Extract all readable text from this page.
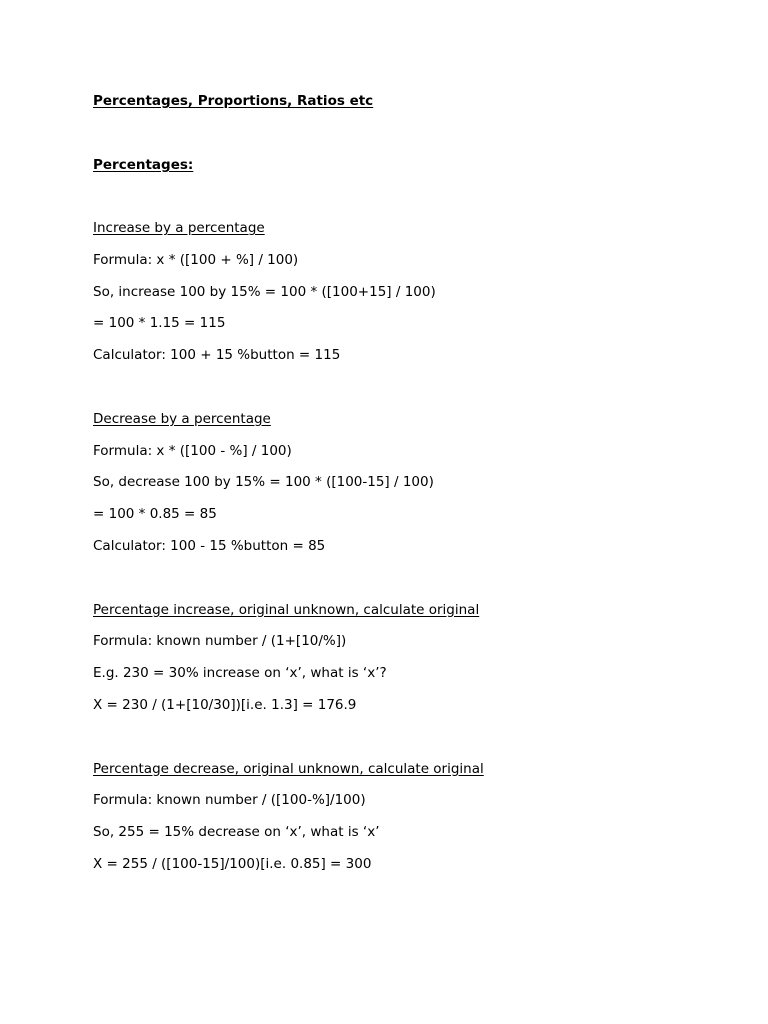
Percentages, Proportions, Ratios etc
Percentages:
Increase by a percentage
Formula: x * ([100 + %] / 100)
So, increase 100 by 15% = 100 * ([100+15] / 100)
= 100 * 1.15 = 115
Calculator: 100 + 15 %button = 115
Decrease by a percentage
Formula: x * ([100 - %] / 100)
So, decrease 100 by 15% = 100 * ([100-15] / 100)
= 100 * 0.85 = 85
Calculator: 100 - 15 %button = 85
Percentage increase, original unknown, calculate original
Formula: known number / (1+[10/%])
E.g. 230 = 30% increase on ‘x’, what is ‘x’?
X = 230 / (1+[10/30])[i.e. 1.3] = 176.9
Percentage decrease, original unknown, calculate original
Formula: known number / ([100-%]/100)
So, 255 = 15% decrease on ‘x’, what is ‘x’
X = 255 / ([100-15]/100)[i.e. 0.85] = 300
